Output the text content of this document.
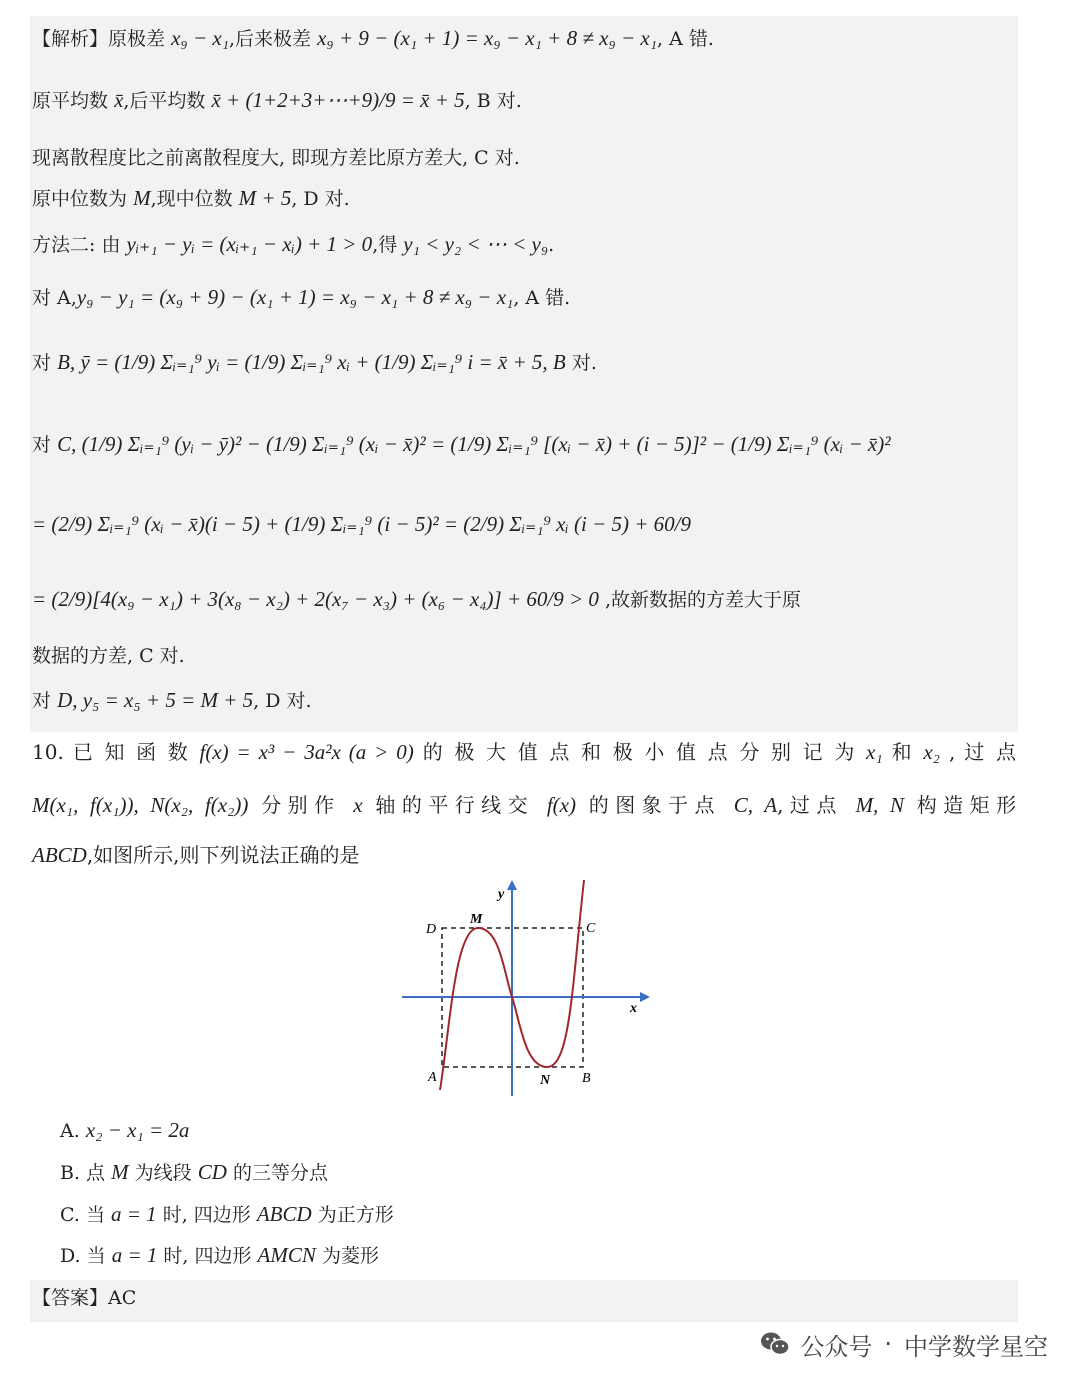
【解析】原极差 x₉ − x₁,后来极差 x₉ + 9 − (x₁ + 1) = x₉ − x₁ + 8 ≠ x₉ − x₁, A 错.
原平均数 x̄,后平均数 x̄ + (1+2+3+⋯+9)/9 = x̄ + 5, B 对.
现离散程度比之前离散程度大, 即现方差比原方差大, C 对.
原中位数为 M,现中位数 M + 5, D 对.
方法二: 由 yᵢ₊₁ − yᵢ = (xᵢ₊₁ − xᵢ) + 1 > 0,得 y₁ < y₂ < ⋯ < y₉.
对 A,y₉ − y₁ = (x₉ + 9) − (x₁ + 1) = x₉ − x₁ + 8 ≠ x₉ − x₁, A 错.
对 B, ȳ = (1/9) Σᵢ₌₁⁹ yᵢ = (1/9) Σᵢ₌₁⁹ xᵢ + (1/9) Σᵢ₌₁⁹ i = x̄ + 5, B 对.
对 C, (1/9) Σᵢ₌₁⁹ (yᵢ − ȳ)² − (1/9) Σᵢ₌₁⁹ (xᵢ − x̄)² = (1/9) Σᵢ₌₁⁹ [(xᵢ − x̄) + (i − 5)]² − (1/9) Σᵢ₌₁⁹ (xᵢ − x̄)²
= (2/9) Σᵢ₌₁⁹ (xᵢ − x̄)(i − 5) + (1/9) Σᵢ₌₁⁹ (i − 5)² = (2/9) Σᵢ₌₁⁹ xᵢ (i − 5) + 60/9
= (2/9)[4(x₉ − x₁) + 3(x₈ − x₂) + 2(x₇ − x₃) + (x₆ − x₄)] + 60/9 > 0 ,故新数据的方差大于原
数据的方差, C 对.
对 D, y₅ = x₅ + 5 = M + 5, D 对.
10. 已 知 函 数 f(x) = x³ − 3a²x (a > 0) 的 极 大 值 点 和 极 小 值 点 分 别 记 为 x₁ 和 x₂ , 过 点
M(x₁, f(x₁)), N(x₂, f(x₂)) 分别作 x 轴的平行线交 f(x) 的图象于点 C, A,过点 M, N 构造矩形
ABCD,如图所示,则下列说法正确的是
D
M
C
A	N B
x
y
A. x₂ − x₁ = 2a
B. 点 M 为线段 CD 的三等分点
C. 当 a = 1 时, 四边形 ABCD 为正方形
D. 当 a = 1 时, 四边形 AMCN 为菱形
【答案】AC
公众号 · 中学数学星空
